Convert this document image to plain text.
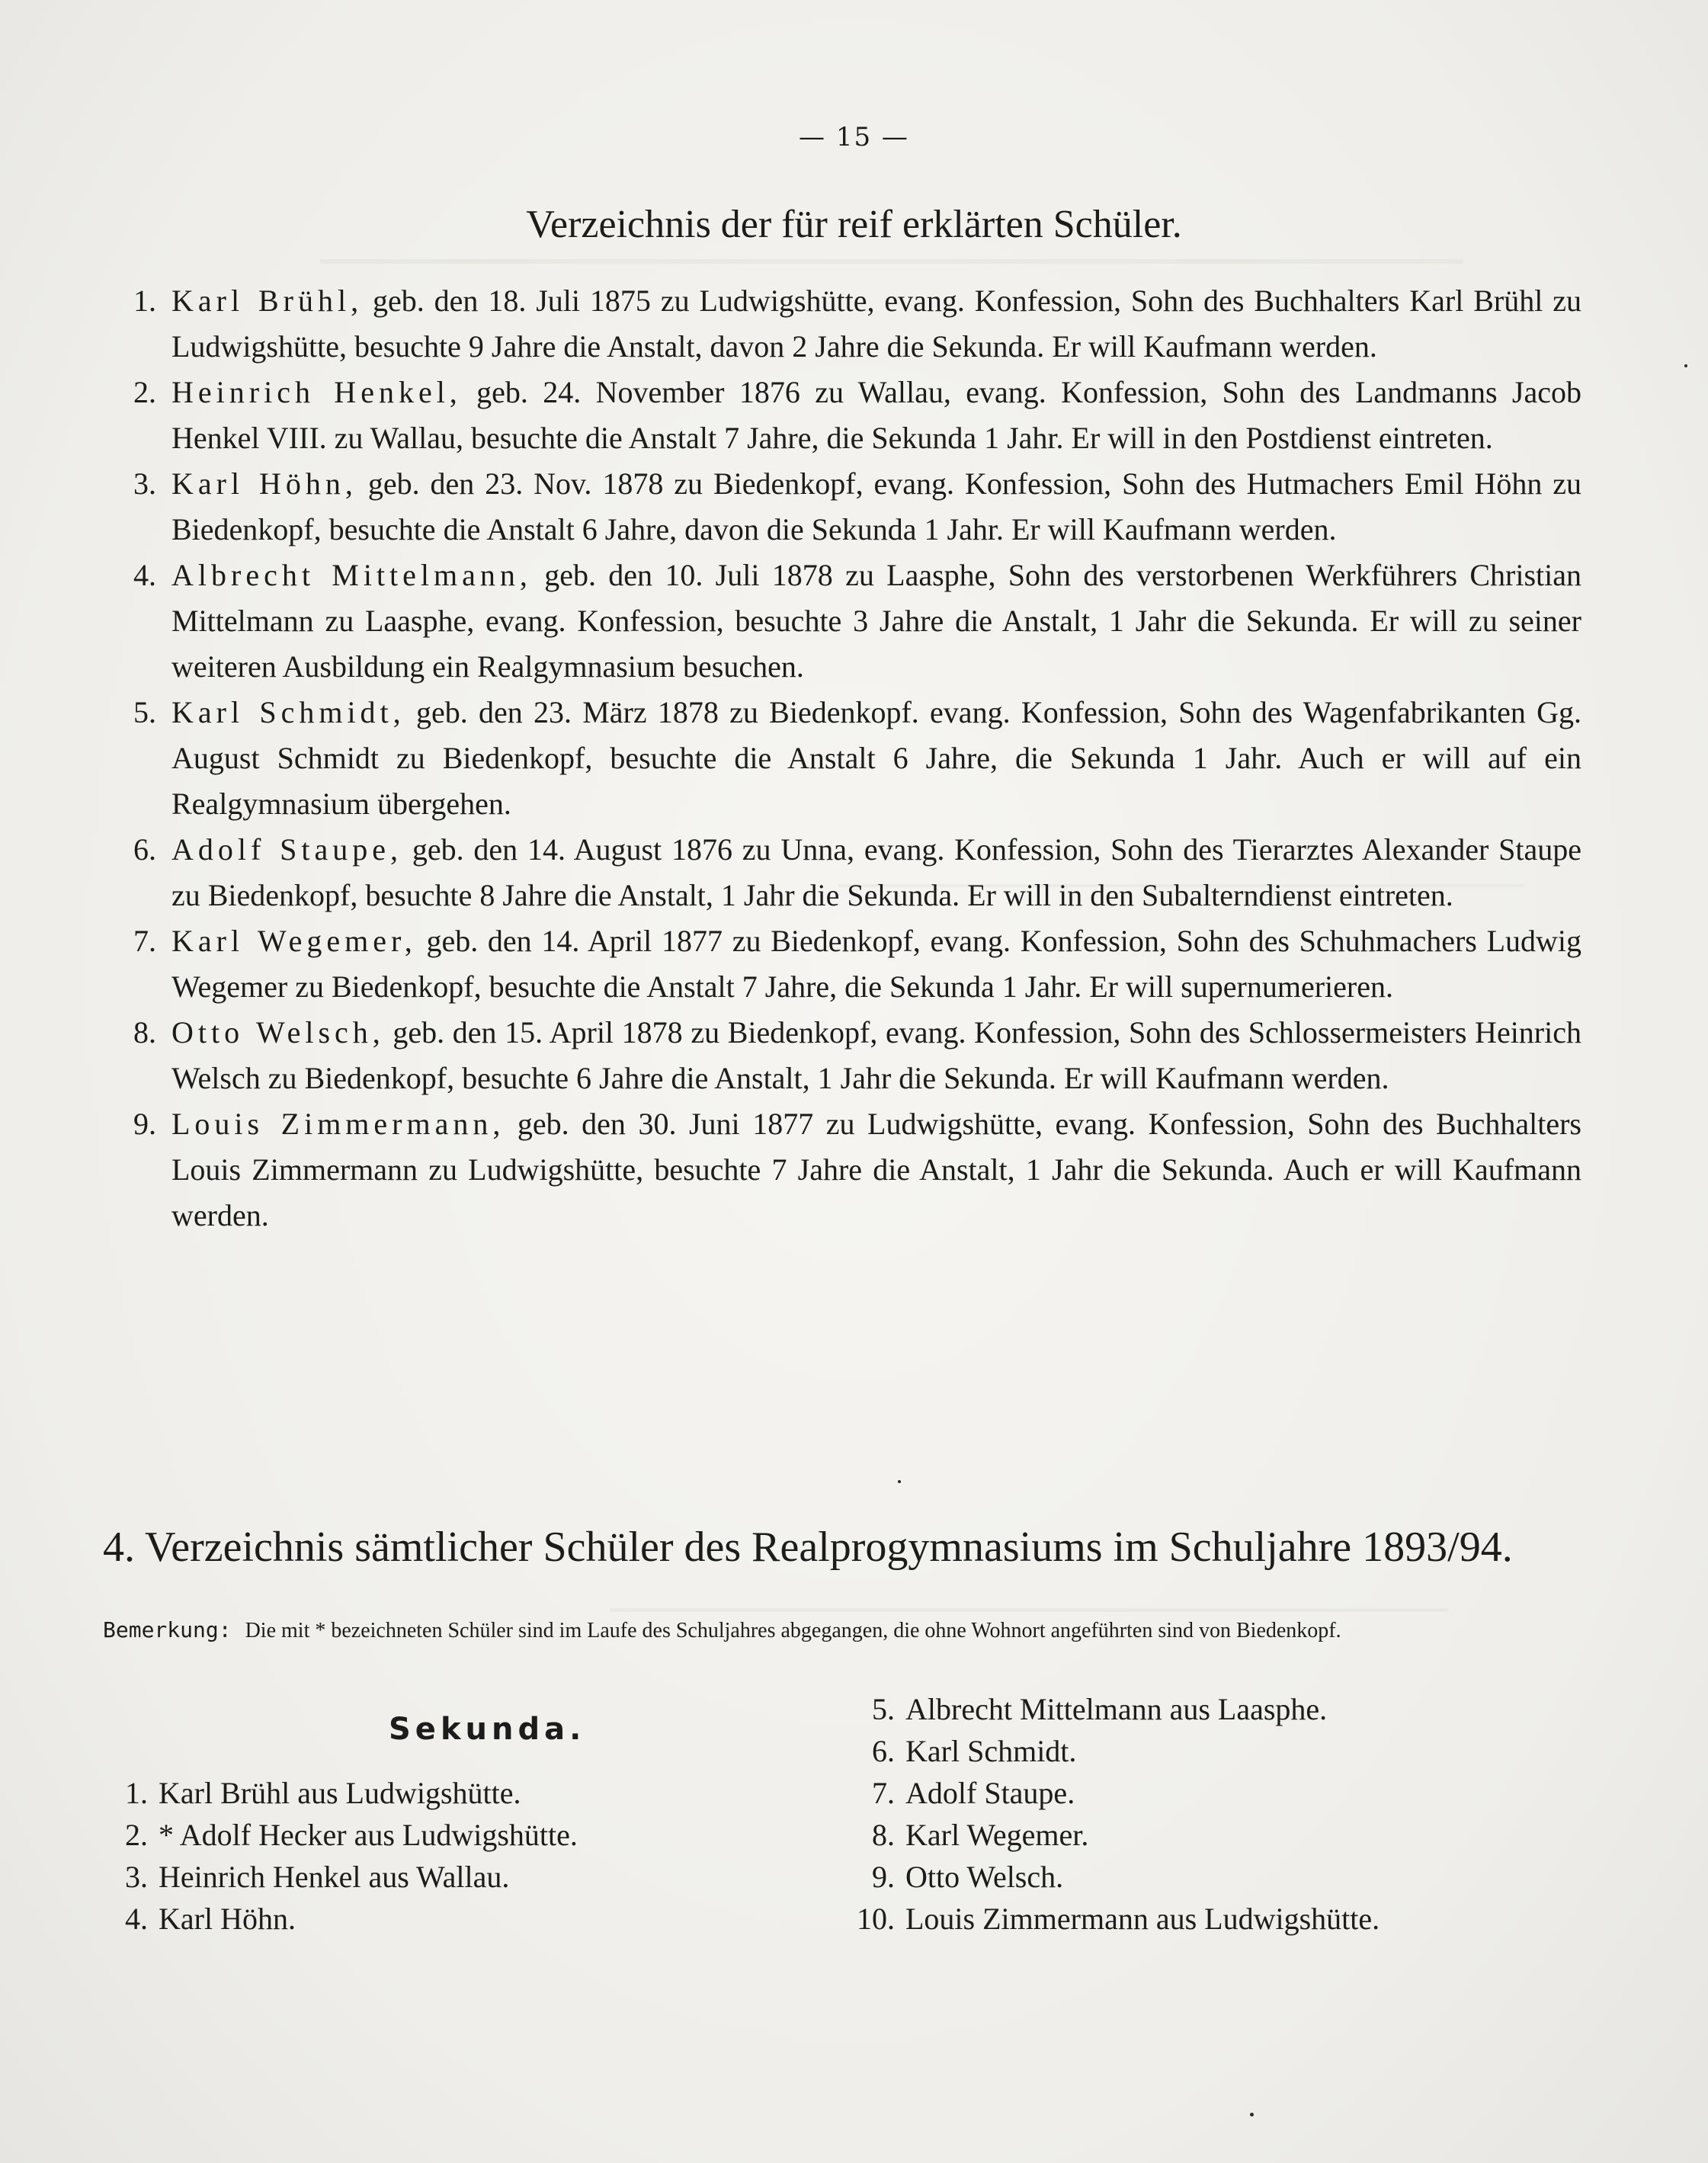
— 15 —
Verzeichnis der für reif erklärten Schüler.

1. Karl Brühl, geb. den 18. Juli 1875 zu Ludwigshütte, evang. Konfession, Sohn des Buchhalters Karl Brühl zu Ludwigshütte, besuchte 9 Jahre die Anstalt, davon 2 Jahre die Sekunda. Er will Kaufmann werden.

2. Heinrich Henkel, geb. 24. November 1876 zu Wallau, evang. Konfession, Sohn des Landmanns Jacob Henkel VIII. zu Wallau, besuchte die Anstalt 7 Jahre, die Sekunda 1 Jahr. Er will in den Postdienst eintreten.

3. Karl Höhn, geb. den 23. Nov. 1878 zu Biedenkopf, evang. Konfession, Sohn des Hutmachers Emil Höhn zu Biedenkopf, besuchte die Anstalt 6 Jahre, davon die Sekunda 1 Jahr. Er will Kaufmann werden.

4. Albrecht Mittelmann, geb. den 10. Juli 1878 zu Laasphe, Sohn des verstorbenen Werkführers Christian Mittelmann zu Laasphe, evang. Konfession, besuchte 3 Jahre die Anstalt, 1 Jahr die Sekunda. Er will zu seiner weiteren Ausbildung ein Realgymnasium besuchen.

5. Karl Schmidt, geb. den 23. März 1878 zu Biedenkopf. evang. Konfession, Sohn des Wagenfabrikanten Gg. August Schmidt zu Biedenkopf, besuchte die Anstalt 6 Jahre, die Sekunda 1 Jahr. Auch er will auf ein Realgymnasium übergehen.

6. Adolf Staupe, geb. den 14. August 1876 zu Unna, evang. Konfession, Sohn des Tierarztes Alexander Staupe zu Biedenkopf, besuchte 8 Jahre die Anstalt, 1 Jahr die Sekunda. Er will in den Subalterndienst eintreten.

7. Karl Wegemer, geb. den 14. April 1877 zu Biedenkopf, evang. Konfession, Sohn des Schuhmachers Ludwig Wegemer zu Biedenkopf, besuchte die Anstalt 7 Jahre, die Sekunda 1 Jahr. Er will supernumerieren.

8. Otto Welsch, geb. den 15. April 1878 zu Biedenkopf, evang. Konfession, Sohn des Schlossermeisters Heinrich Welsch zu Biedenkopf, besuchte 6 Jahre die Anstalt, 1 Jahr die Sekunda. Er will Kaufmann werden.

9. Louis Zimmermann, geb. den 30. Juni 1877 zu Ludwigshütte, evang. Konfession, Sohn des Buchhalters Louis Zimmermann zu Ludwigshütte, besuchte 7 Jahre die Anstalt, 1 Jahr die Sekunda. Auch er will Kaufmann werden.

4. Verzeichnis sämtlicher Schüler des Realprogymnasiums im Schuljahre 1893/94.
Bemerkung: Die mit * bezeichneten Schüler sind im Laufe des Schuljahres abgegangen, die ohne Wohnort angeführten sind von Biedenkopf.
Sekunda.
1. Karl Brühl aus Ludwigshütte.
2. * Adolf Hecker aus Ludwigshütte.
3. Heinrich Henkel aus Wallau.
4. Karl Höhn.
5. Albrecht Mittelmann aus Laasphe.
6. Karl Schmidt.
7. Adolf Staupe.
8. Karl Wegemer.
9. Otto Welsch.
10. Louis Zimmermann aus Ludwigshütte.
